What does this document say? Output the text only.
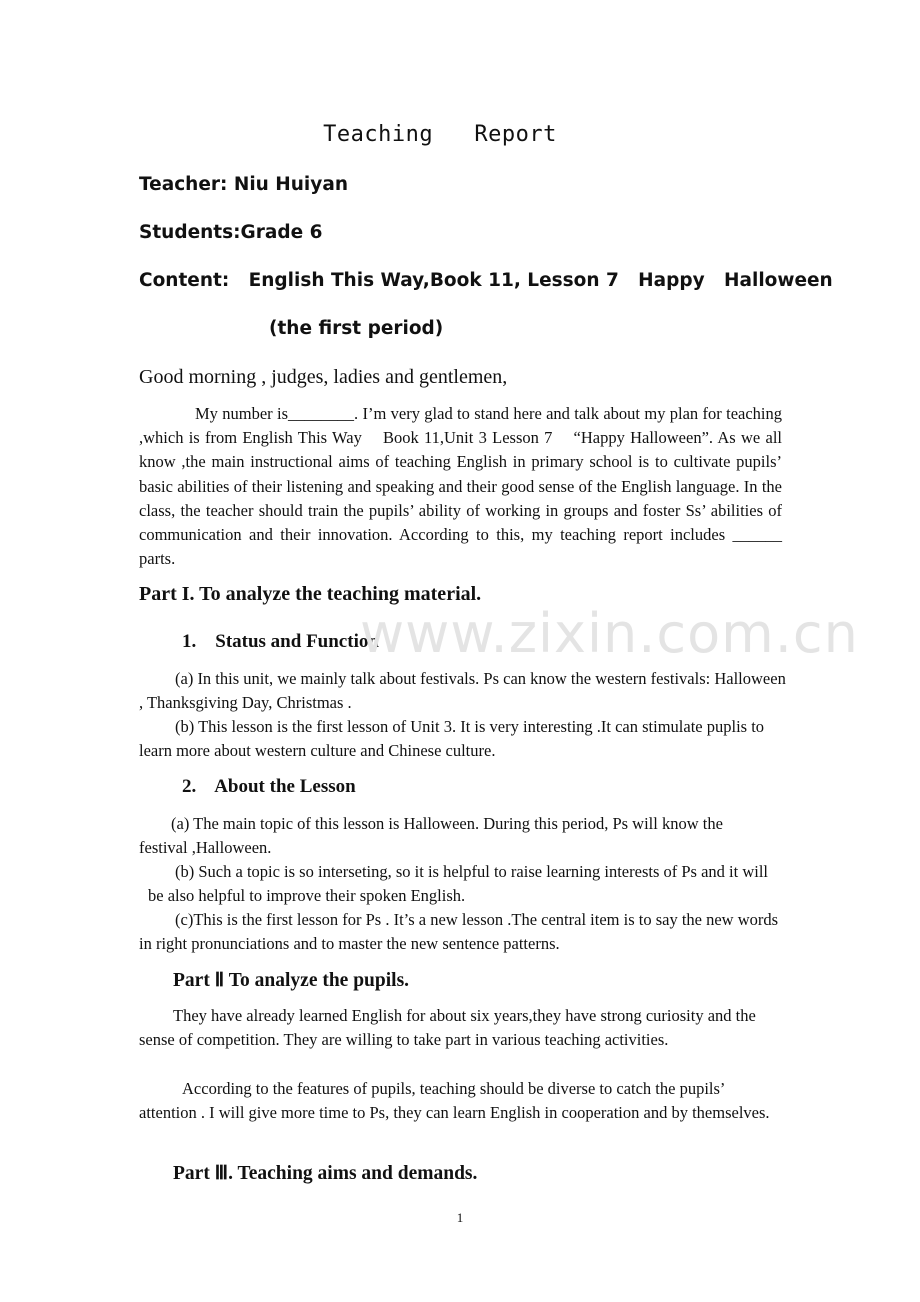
Teaching   Report
Teacher: Niu Huiyan
Students:Grade 6
Content:   English This Way,Book 11, Lesson 7   Happy   Halloween
(the first period)
Good morning , judges, ladies and gentlemen,
My number is________. I’m very glad to stand here and talk about my plan for teaching ,which is from English This Way    Book 11,Unit 3 Lesson 7    “Happy Halloween”. As we all know ,the main instructional aims of teaching English in primary school is to cultivate pupils’ basic abilities of their listening and speaking and their good sense of the English language. In the class, the teacher should train the pupils’ ability of working in groups and foster Ss’ abilities of communication and their innovation. According to this, my teaching report includes ______ parts.
Part I. To analyze the teaching material.
1.    Status and Function
(a) In this unit, we mainly talk about festivals. Ps can know the western festivals: Halloween , Thanksgiving Day, Christmas .
(b) This lesson is the first lesson of Unit 3. It is very interesting .It can stimulate puplis to learn more about western culture and Chinese culture.
2.    About the Lesson
(a) The main topic of this lesson is Halloween. During this period, Ps will know the festival ,Halloween.
(b) Such a topic is so interseting, so it is helpful to raise learning interests of Ps and it will be also helpful to improve their spoken English.
(c)This is the first lesson for Ps . It’s a new lesson .The central item is to say the new words in right pronunciations and to master the new sentence patterns.
Part Ⅱ To analyze the pupils.
They have already learned English for about six years,they have strong curiosity and the sense of competition. They are willing to take part in various teaching activities.
According to the features of pupils, teaching should be diverse to catch the pupils’ attention . I will give more time to Ps, they can learn English in cooperation and by themselves.
Part Ⅲ. Teaching aims and demands.
www.zixin.com.cn
1
